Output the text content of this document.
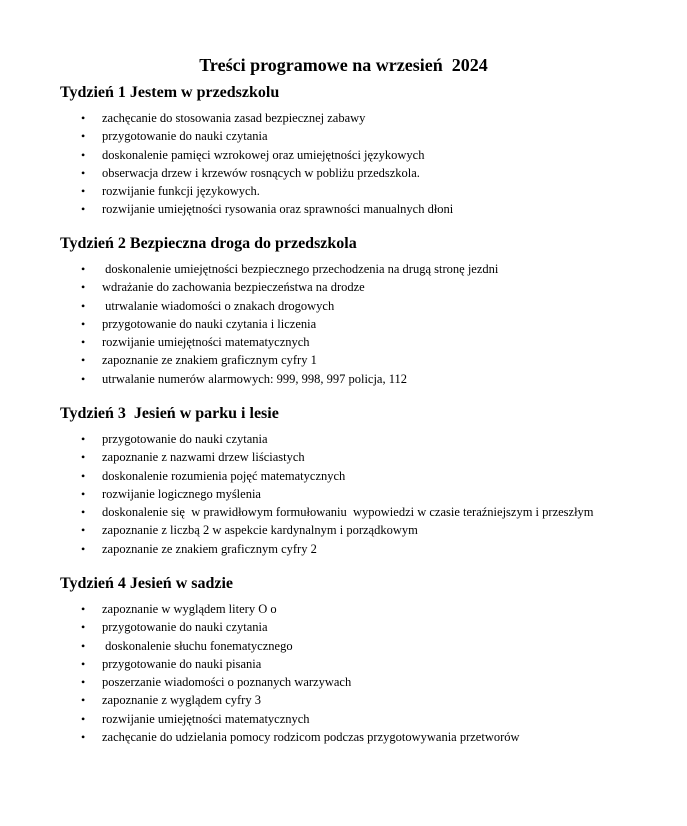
Treści programowe na wrzesień  2024
Tydzień 1 Jestem w przedszkolu
• zachęcanie do stosowania zasad bezpiecznej zabawy
• przygotowanie do nauki czytania
• doskonalenie pamięci wzrokowej oraz umiejętności językowych
• obserwacja drzew i krzewów rosnących w pobliżu przedszkola.
• rozwijanie funkcji językowych.
• rozwijanie umiejętności rysowania oraz sprawności manualnych dłoni
Tydzień 2 Bezpieczna droga do przedszkola
• doskonalenie umiejętności bezpiecznego przechodzenia na drugą stronę jezdni
• wdrażanie do zachowania bezpieczeństwa na drodze
• utrwalanie wiadomości o znakach drogowych
• przygotowanie do nauki czytania i liczenia
• rozwijanie umiejętności matematycznych
• zapoznanie ze znakiem graficznym cyfry 1
• utrwalanie numerów alarmowych: 999, 998, 997 policja, 112
Tydzień 3  Jesień w parku i lesie
• przygotowanie do nauki czytania
• zapoznanie z nazwami drzew liściastych
• doskonalenie rozumienia pojęć matematycznych
• rozwijanie logicznego myślenia
• doskonalenie się  w prawidłowym formułowaniu  wypowiedzi w czasie teraźniejszym i przeszłym
• zapoznanie z liczbą 2 w aspekcie kardynalnym i porządkowym
• zapoznanie ze znakiem graficznym cyfry 2
Tydzień 4 Jesień w sadzie
• zapoznanie w wyglądem litery O o
• przygotowanie do nauki czytania
• doskonalenie słuchu fonematycznego
• przygotowanie do nauki pisania
• poszerzanie wiadomości o poznanych warzywach
• zapoznanie z wyglądem cyfry 3
• rozwijanie umiejętności matematycznych
• zachęcanie do udzielania pomocy rodzicom podczas przygotowywania przetworów
